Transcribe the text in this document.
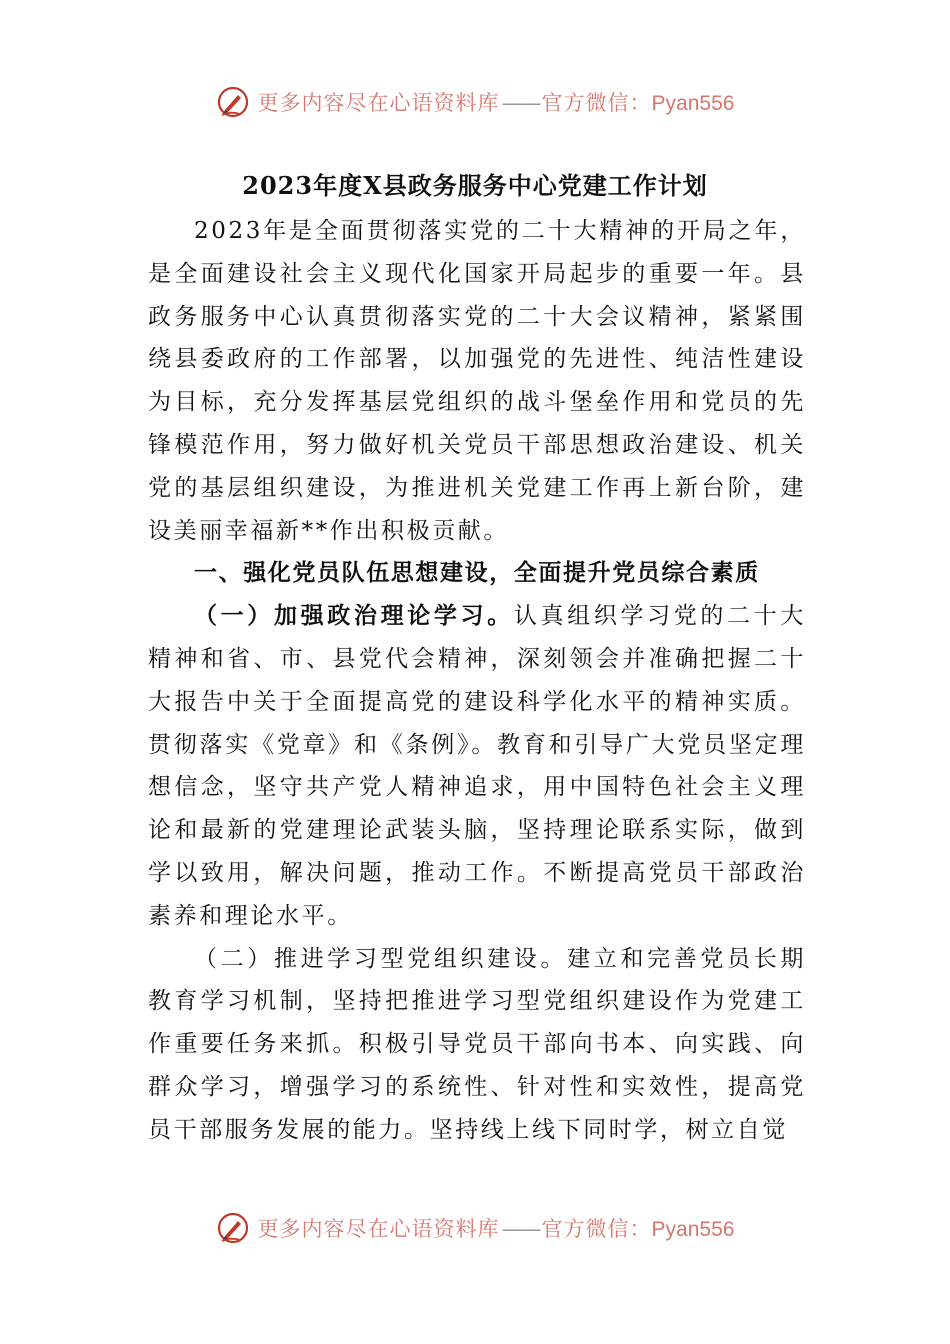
更多内容尽在心语资料库——官方微信：Pyan556
2023年度X县政务服务中心党建工作计划

2023年是全面贯彻落实党的二十大精神的开局之年，是全面建设社会主义现代化国家开局起步的重要一年。县政务服务中心认真贯彻落实党的二十大会议精神，紧紧围绕县委政府的工作部署，以加强党的先进性、纯洁性建设为目标，充分发挥基层党组织的战斗堡垒作用和党员的先锋模范作用，努力做好机关党员干部思想政治建设、机关党的基层组织建设，为推进机关党建工作再上新台阶，建设美丽幸福新**作出积极贡献。

一、强化党员队伍思想建设，全面提升党员综合素质

（一）加强政治理论学习。认真组织学习党的二十大精神和省、市、县党代会精神，深刻领会并准确把握二十大报告中关于全面提高党的建设科学化水平的精神实质。贯彻落实《党章》和《条例》。教育和引导广大党员坚定理想信念，坚守共产党人精神追求，用中国特色社会主义理论和最新的党建理论武装头脑，坚持理论联系实际，做到学以致用，解决问题，推动工作。不断提高党员干部政治素养和理论水平。

（二）推进学习型党组织建设。建立和完善党员长期教育学习机制，坚持把推进学习型党组织建设作为党建工作重要任务来抓。积极引导党员干部向书本、向实践、向群众学习，增强学习的系统性、针对性和实效性，提高党员干部服务发展的能力。坚持线上线下同时学，树立自觉

更多内容尽在心语资料库——官方微信：Pyan556
